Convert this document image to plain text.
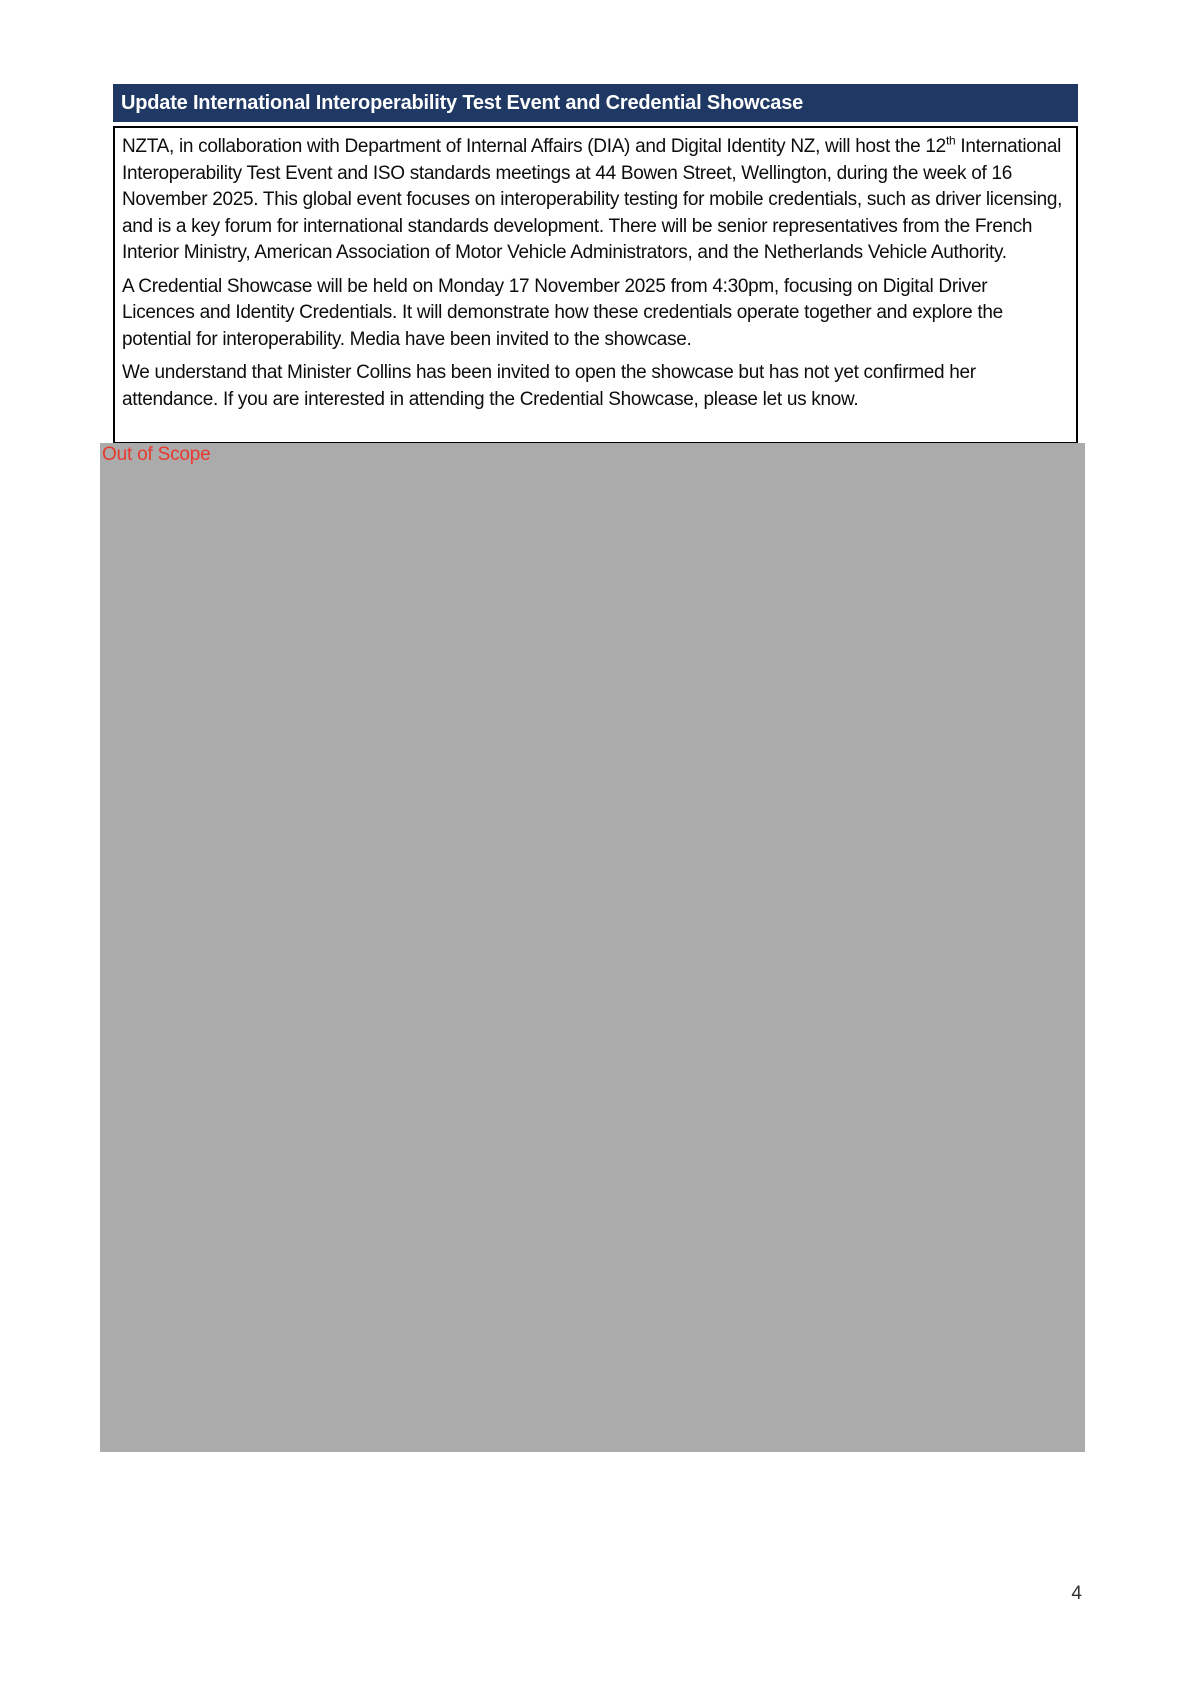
Update International Interoperability Test Event and Credential Showcase

NZTA, in collaboration with Department of Internal Affairs (DIA) and Digital Identity NZ, will host the 12th International Interoperability Test Event and ISO standards meetings at 44 Bowen Street, Wellington, during the week of 16 November 2025. This global event focuses on interoperability testing for mobile credentials, such as driver licensing, and is a key forum for international standards development. There will be senior representatives from the French Interior Ministry, American Association of Motor Vehicle Administrators, and the Netherlands Vehicle Authority.

A Credential Showcase will be held on Monday 17 November 2025 from 4:30pm, focusing on Digital Driver Licences and Identity Credentials. It will demonstrate how these credentials operate together and explore the potential for interoperability. Media have been invited to the showcase.

We understand that Minister Collins has been invited to open the showcase but has not yet confirmed her attendance. If you are interested in attending the Credential Showcase, please let us know.

Out of Scope
4
